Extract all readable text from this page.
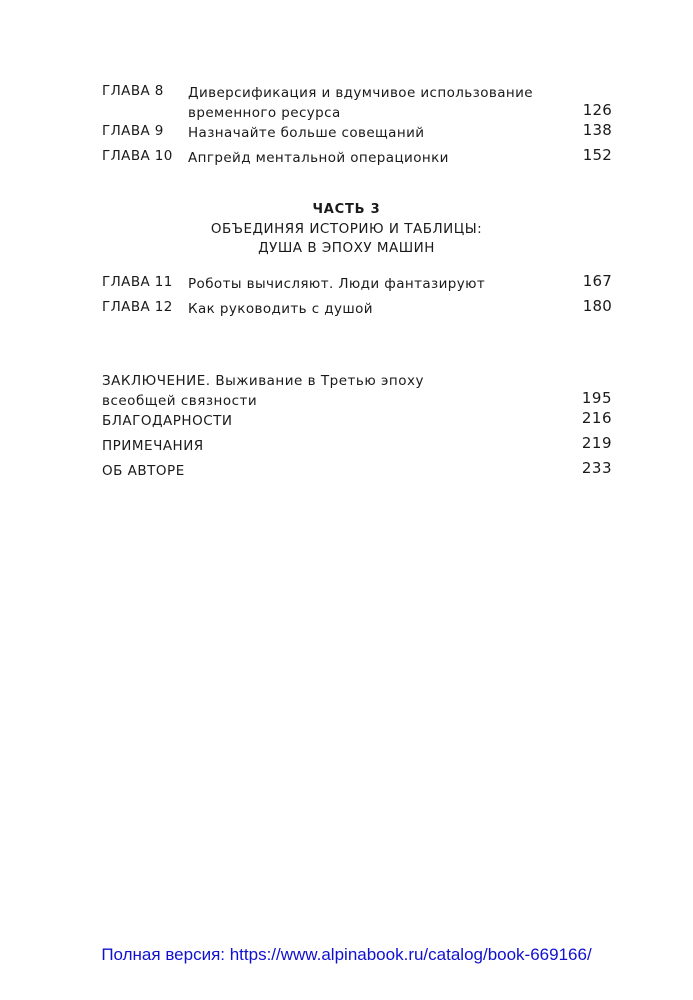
ГЛАВА 8 Диверсификация и вдумчивое использование
временного ресурса	126
ГЛАВА 9 Назначайте больше совещаний	138
ГЛАВА 10 Апгрейд ментальной операционки	152
ЧАСТЬ 3
ОБЪЕДИНЯЯ ИСТОРИЮ И ТАБЛИЦЫ:
ДУША В ЭПОХУ МАШИН
ГЛАВА 11 Роботы вычисляют. Люди фантазируют	167
ГЛАВА 12 Как руководить с душой	180
ЗАКЛЮЧЕНИЕ. Выживание в Третью эпоху
всеобщей связности	195
БЛАГОДАРНОСТИ	216
ПРИМЕЧАНИЯ	219
ОБ АВТОРЕ	233
Полная версия: https://www.alpinabook.ru/catalog/book-669166/
